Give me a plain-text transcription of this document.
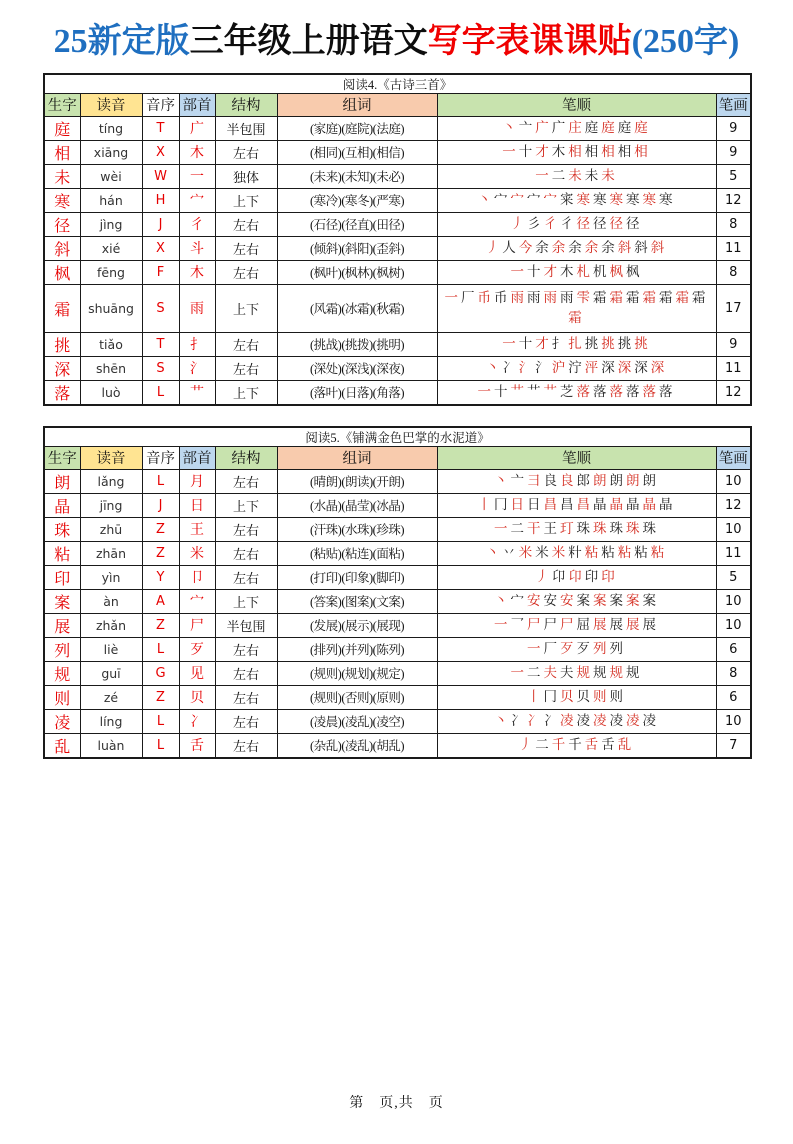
25新定版三年级上册语文写字表课课贴(250字)
阅读4.《古诗三首》							
生字	读音	音序	部首	结构	组词	笔顺	笔画
庭	tíng	T	广	半包围	(家庭)(庭院)(法庭)	丶 亠 广 广 庄 庭 庭 庭 庭	9
相	xiāng	X	木	左右	(相同)(互相)(相信)	一 十 才 木 相 相 相 相 相	9
未	wèi	W	一	独体	(未来)(未知)(未必)	一 二 未 未 未	5
寒	hán	H	宀	上下	(寒冷)(寒冬)(严寒)	丶 宀 宀 宀 宀 宷 寒 寒 寒 寒 寒 寒	12
径	jìng	J	彳	左右	(石径)(径直)(田径)	丿 彡 彳 彳 径 径 径 径	8
斜	xié	X	斗	左右	(倾斜)(斜阳)(歪斜)	丿 人 今 余 余 余 余 余 斜 斜 斜	11
枫	fēng	F	木	左右	(枫叶)(枫林)(枫树)	一 十 才 木 札 机 枫 枫	8
霜	shuāng	S	雨	上下	(风霜)(冰霜)(秋霜)	一 厂 币 币 雨 雨 雨 雨 雫 霜 霜 霜 霜 霜 霜 霜霜	17
挑	tiǎo	T	扌	左右	(挑战)(挑拨)(挑明)	一 十 才 扌 扎 挑 挑 挑 挑	9
深	shēn	S	氵	左右	(深处)(深浅)(深夜)	丶 冫 氵 氵 沪 泞 泙 深 深 深 深	11
落	luò	L	艹	上下	(落叶)(日落)(角落)	一 十 艹 艹 艹 芝 落 落 落 落 落 落	12
阅读5.《铺满金色巴掌的水泥道》							
生字	读音	音序	部首	结构	组词	笔顺	笔画
朗	lǎng	L	月	左右	(晴朗)(朗读)(开朗)	丶 亠 彐 良 良 郎 朗 朗 朗 朗	10
晶	jīng	J	日	上下	(水晶)(晶莹)(冰晶)	丨 冂 日 日 昌 昌 昌 晶 晶 晶 晶 晶	12
珠	zhū	Z	王	左右	(汗珠)(水珠)(珍珠)	一 二 干 王 玎 珠 珠 珠 珠 珠	10
粘	zhān	Z	米	左右	(粘贴)(粘连)(面粘)	丶 丷 米 米 米 籵 粘 粘 粘 粘 粘	11
印	yìn	Y	卩	左右	(打印)(印象)(脚印)	丿 卬 卬 印 印	5
案	àn	A	宀	上下	(答案)(图案)(文案)	丶 宀 安 安 安 案 案 案 案 案	10
展	zhǎn	Z	尸	半包围	(发展)(展示)(展现)	一 乛 尸 尸 尸 屈 展 展 展 展	10
列	liè	L	歹	左右	(排列)(并列)(陈列)	一 厂 歹 歹 列 列	6
规	guī	G	见	左右	(规则)(规划)(规定)	一 二 夫 夫 规 规 规 规	8
则	zé	Z	贝	左右	(规则)(否则)(原则)	丨 冂 贝 贝 则 则	6
凌	líng	L	冫	左右	(凌晨)(凌乱)(凌空)	丶 冫 冫 冫 凌 凌 凌 凌 凌 凌	10
乱	luàn	L	舌	左右	(杂乱)(凌乱)(胡乱)	丿 二 千 千 舌 舌 乱	7
第　页,共　页
